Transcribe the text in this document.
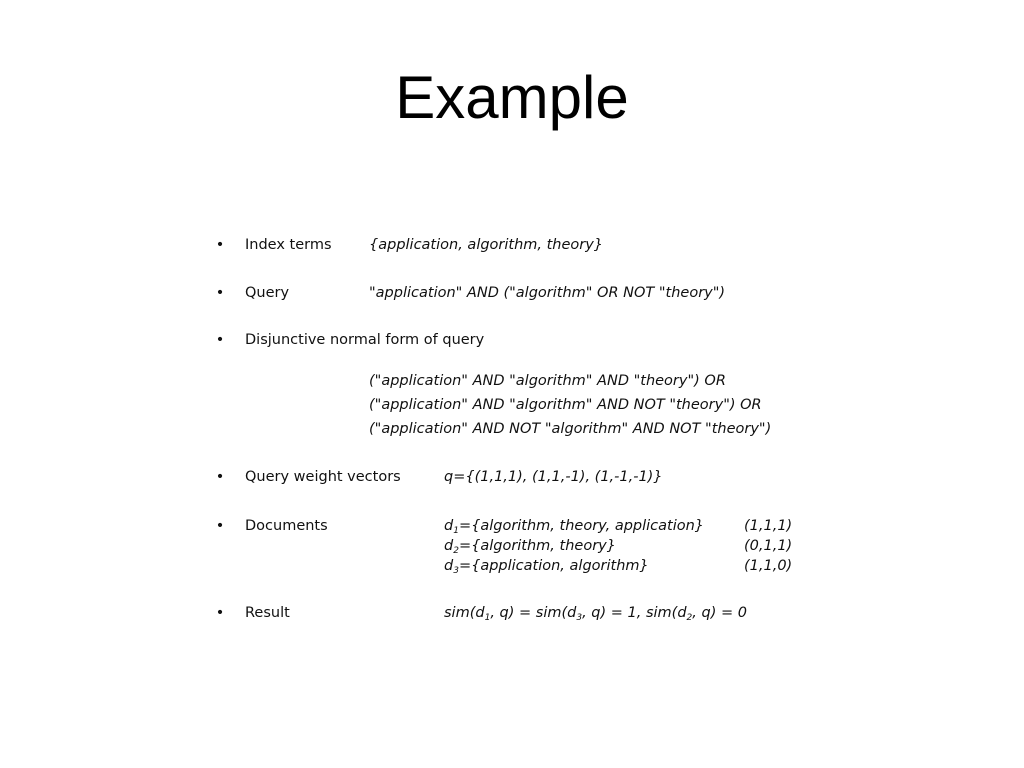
Example
• Index terms	{application, algorithm, theory}
• Query	"application" AND ("algorithm" OR NOT "theory")
• Disjunctive normal form of query
("application" AND "algorithm" AND "theory") OR
("application" AND "algorithm" AND NOT "theory") OR
("application" AND NOT "algorithm" AND NOT "theory")
• Query weight vectors	q={(1,1,1), (1,1,-1), (1,-1,-1)}
• Documents	$d_1=\{algorithm$, theory, application}	(1,1,1)
$d_2=\{algorithm$, theory}	(0,1,1)
$d_3=\{application$, algorithm}	(1,1,0)
• Result	$sim(d_1$, $q) = sim(d_3$, q) = 1, $sim(d_2$, q) = 0
